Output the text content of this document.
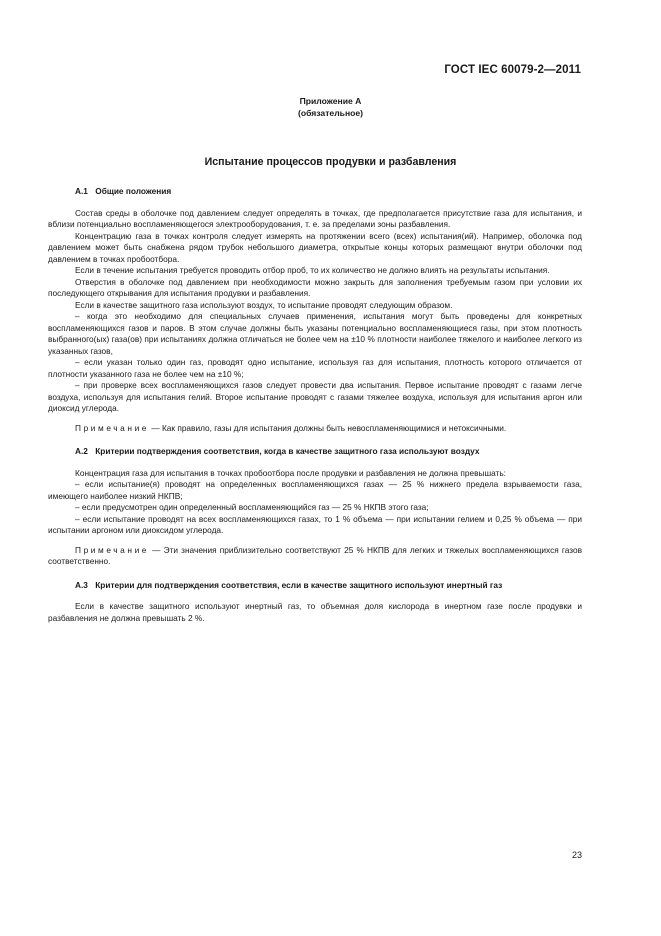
ГОСТ IEC 60079-2—2011
Приложение А
(обязательное)
Испытание процессов продувки и разбавления
А.1 Общие положения

Состав среды в оболочке под давлением следует определять в точках, где предполагается присутствие газа для испытания, и вблизи потенциально воспламеняющегося электрооборудования, т. е. за пределами зоны разбавления.

Концентрацию газа в точках контроля следует измерять на протяжении всего (всех) испытания(ий). Например, оболочка под давлением может быть снабжена рядом трубок небольшого диаметра, открытые концы которых размещают внутри оболочки под давлением в точках пробоотбора.

Если в течение испытания требуется проводить отбор проб, то их количество не должно влиять на результаты испытания.

Отверстия в оболочке под давлением при необходимости можно закрыть для заполнения требуемым газом при условии их последующего открывания для испытания продувки и разбавления.

Если в качестве защитного газа используют воздух, то испытание проводят следующим образом.

– когда это необходимо для специальных случаев применения, испытания могут быть проведены для конкретных воспламеняющихся газов и паров. В этом случае должны быть указаны потенциально воспламеняющиеся газы, при этом плотность выбранного(ых) газа(ов) при испытаниях должна отличаться не более чем на ±10 % плотности наиболее тяжелого и наиболее легкого из указанных газов,

– если указан только один газ, проводят одно испытание, используя газ для испытания, плотность которого отличается от плотности указанного газа не более чем на ±10 %;

– при проверке всех воспламеняющихся газов следует провести два испытания. Первое испытание проводят с газами легче воздуха, используя для испытания гелий. Второе испытание проводят с газами тяжелее воздуха, используя для испытания аргон или диоксид углерода.

Примечание — Как правило, газы для испытания должны быть невоспламеняющимися и нетоксичными.

А.2 Критерии подтверждения соответствия, когда в качестве защитного газа используют воздух

Концентрация газа для испытания в точках пробоотбора после продувки и разбавления не должна превышать:

– если испытание(я) проводят на определенных воспламеняющихся газах — 25 % нижнего предела взрываемости газа, имеющего наиболее низкий НКПВ;

– если предусмотрен один определенный воспламеняющийся газ — 25 % НКПВ этого газа;

– если испытание проводят на всех воспламеняющихся газах, то 1 % объема — при испытании гелием и 0,25 % объема — при испытании аргоном или диоксидом углерода.

Примечание — Эти значения приблизительно соответствуют 25 % НКПВ для легких и тяжелых воспламеняющихся газов соответственно.

А.3 Критерии для подтверждения соответствия, если в качестве защитного используют инертный газ

Если в качестве защитного используют инертный газ, то объемная доля кислорода в инертном газе после продувки и разбавления не должна превышать 2 %.

23
